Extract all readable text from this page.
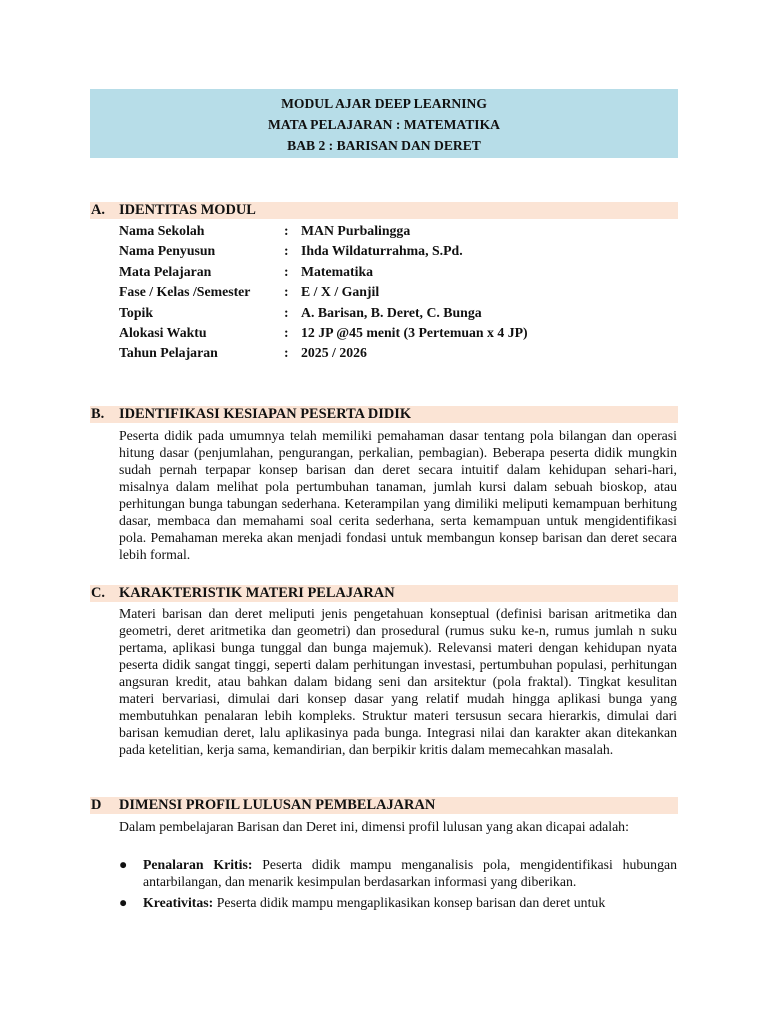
MODUL AJAR DEEP LEARNING
MATA PELAJARAN : MATEMATIKA
BAB 2 : BARISAN DAN DERET
A. IDENTITAS MODUL
Nama Sekolah	: MAN Purbalingga
Nama Penyusun	: Ihda Wildaturrahma, S.Pd.
Mata Pelajaran	: Matematika
Fase / Kelas /Semester : E / X / Ganjil
Topik	: A. Barisan, B. Deret, C. Bunga
Alokasi Waktu	: 12 JP @45 menit (3 Pertemuan x 4 JP)
Tahun Pelajaran	: 2025 / 2026
B. IDENTIFIKASI KESIAPAN PESERTA DIDIK
Peserta didik pada umumnya telah memiliki pemahaman dasar tentang pola bilangan dan operasi hitung dasar (penjumlahan, pengurangan, perkalian, pembagian). Beberapa peserta didik mungkin sudah pernah terpapar konsep barisan dan deret secara intuitif dalam kehidupan sehari-hari, misalnya dalam melihat pola pertumbuhan tanaman, jumlah kursi dalam sebuah bioskop, atau perhitungan bunga tabungan sederhana. Keterampilan yang dimiliki meliputi kemampuan berhitung dasar, membaca dan memahami soal cerita sederhana, serta kemampuan untuk mengidentifikasi pola. Pemahaman mereka akan menjadi fondasi untuk membangun konsep barisan dan deret secara lebih formal.
C. KARAKTERISTIK MATERI PELAJARAN
Materi barisan dan deret meliputi jenis pengetahuan konseptual (definisi barisan aritmetika dan geometri, deret aritmetika dan geometri) dan prosedural (rumus suku ke-n, rumus jumlah n suku pertama, aplikasi bunga tunggal dan bunga majemuk). Relevansi materi dengan kehidupan nyata peserta didik sangat tinggi, seperti dalam perhitungan investasi, pertumbuhan populasi, perhitungan angsuran kredit, atau bahkan dalam bidang seni dan arsitektur (pola fraktal). Tingkat kesulitan materi bervariasi, dimulai dari konsep dasar yang relatif mudah hingga aplikasi bunga yang membutuhkan penalaran lebih kompleks. Struktur materi tersusun secara hierarkis, dimulai dari barisan kemudian deret, lalu aplikasinya pada bunga. Integrasi nilai dan karakter akan ditekankan pada ketelitian, kerja sama, kemandirian, dan berpikir kritis dalam memecahkan masalah.
D DIMENSI PROFIL LULUSAN PEMBELAJARAN
Dalam pembelajaran Barisan dan Deret ini, dimensi profil lulusan yang akan dicapai adalah:
● Penalaran Kritis: Peserta didik mampu menganalisis pola, mengidentifikasi hubungan antarbilangan, dan menarik kesimpulan berdasarkan informasi yang diberikan.
● Kreativitas: Peserta didik mampu mengaplikasikan konsep barisan dan deret untuk
